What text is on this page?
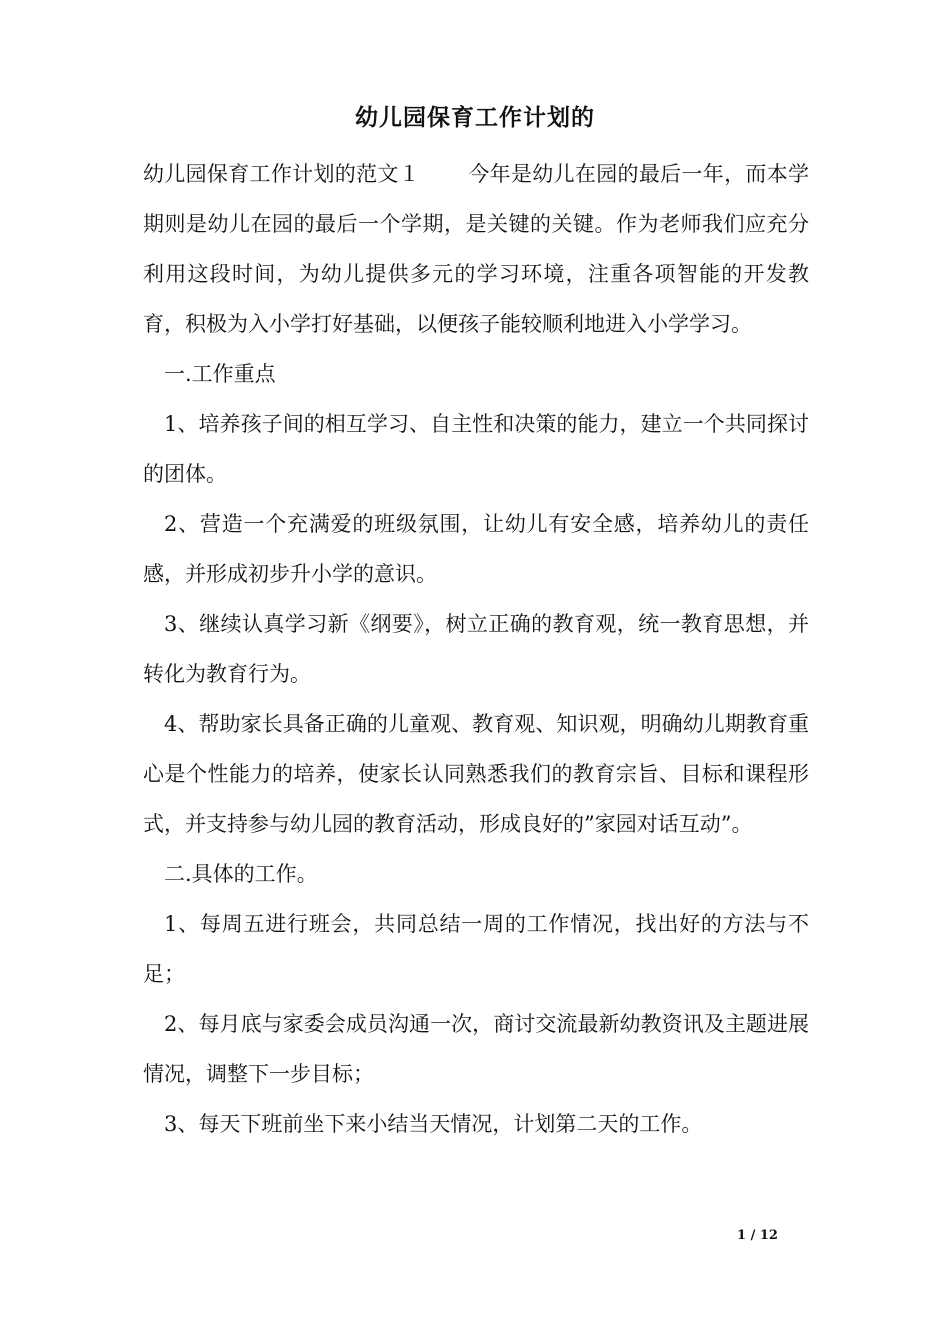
幼儿园保育工作计划的

幼儿园保育工作计划的范文１ 今年是幼儿在园的最后一年，而本学期则是幼儿在园的最后一个学期，是关键的关键。作为老师我们应充分利用这段时间，为幼儿提供多元的学习环境，注重各项智能的开发教育，积极为入小学打好基础，以便孩子能较顺利地进入小学学习。

一.工作重点

1、培养孩子间的相互学习、自主性和决策的能力，建立一个共同探讨的团体。

2、营造一个充满爱的班级氛围，让幼儿有安全感，培养幼儿的责任感，并形成初步升小学的意识。

3、继续认真学习新《纲要》，树立正确的教育观，统一教育思想，并转化为教育行为。

4、帮助家长具备正确的儿童观、教育观、知识观，明确幼儿期教育重心是个性能力的培养，使家长认同熟悉我们的教育宗旨、目标和课程形式，并支持参与幼儿园的教育活动，形成良好的”家园对话互动”。

二.具体的工作。

1、每周五进行班会，共同总结一周的工作情况，找出好的方法与不足；

2、每月底与家委会成员沟通一次，商讨交流最新幼教资讯及主题进展情况，调整下一步目标；

3、每天下班前坐下来小结当天情况，计划第二天的工作。

1 / 12
